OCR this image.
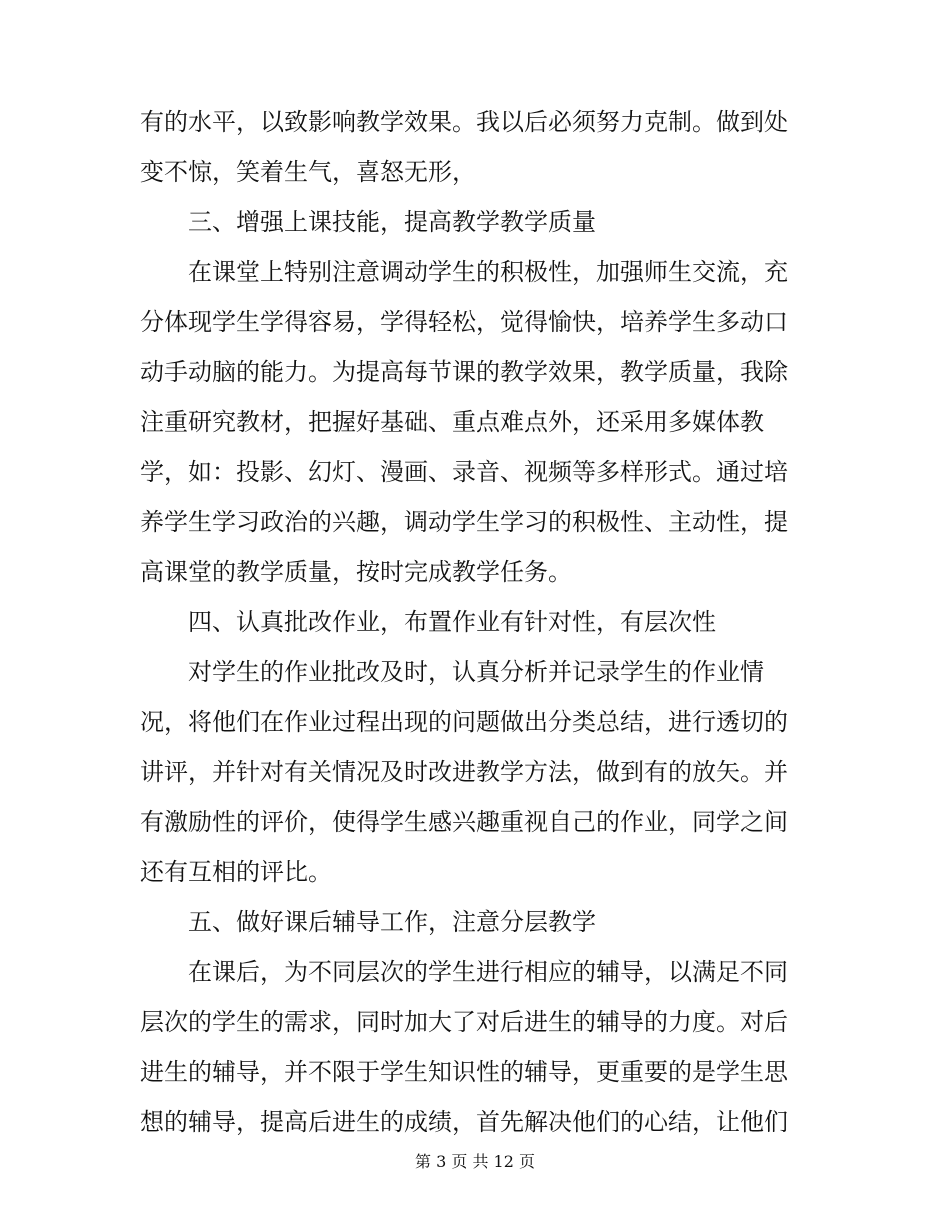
有的水平，以致影响教学效果。我以后必须努力克制。做到处
变不惊，笑着生气，喜怒无形，
三、增强上课技能，提高教学教学质量
在课堂上特别注意调动学生的积极性，加强师生交流，充
分体现学生学得容易，学得轻松，觉得愉快，培养学生多动口
动手动脑的能力。为提高每节课的教学效果，教学质量，我除
注重研究教材，把握好基础、重点难点外，还采用多媒体教
学，如：投影、幻灯、漫画、录音、视频等多样形式。通过培
养学生学习政治的兴趣，调动学生学习的积极性、主动性，提
高课堂的教学质量，按时完成教学任务。
四、认真批改作业，布置作业有针对性，有层次性
对学生的作业批改及时，认真分析并记录学生的作业情
况，将他们在作业过程出现的问题做出分类总结，进行透切的
讲评，并针对有关情况及时改进教学方法，做到有的放矢。并
有激励性的评价，使得学生感兴趣重视自己的作业，同学之间
还有互相的评比。
五、做好课后辅导工作，注意分层教学
在课后，为不同层次的学生进行相应的辅导，以满足不同
层次的学生的需求，同时加大了对后进生的辅导的力度。对后
进生的辅导，并不限于学生知识性的辅导，更重要的是学生思
想的辅导，提高后进生的成绩，首先解决他们的心结，让他们
第 3 页 共 12 页
